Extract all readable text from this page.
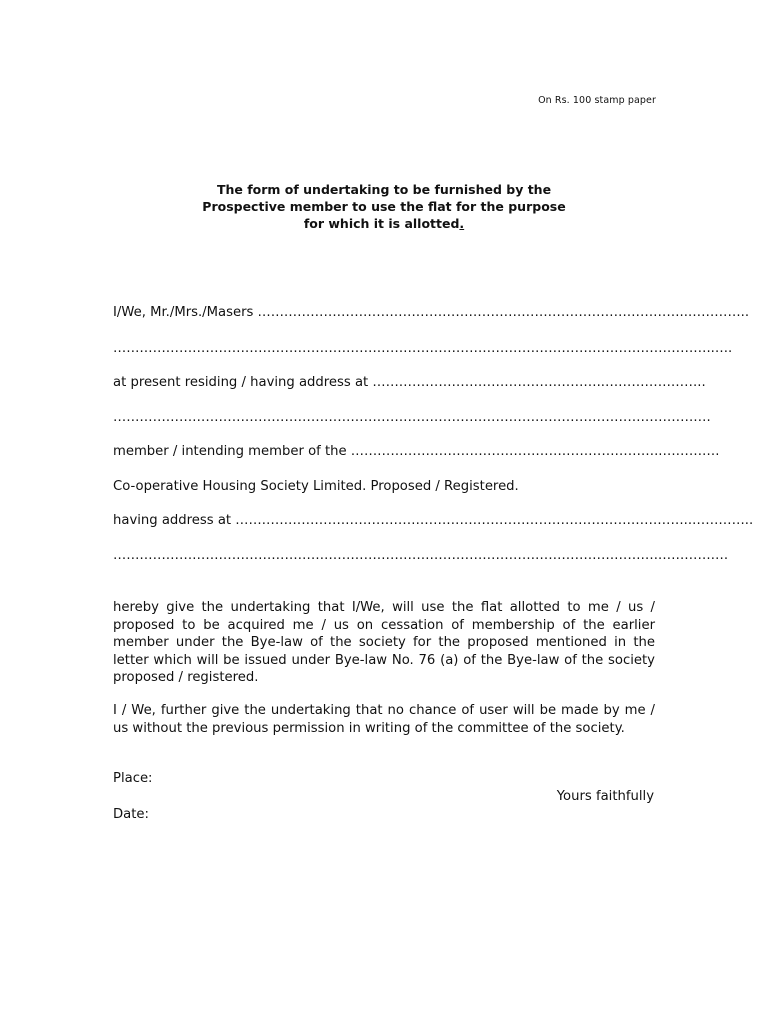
On Rs. 100 stamp paper
The form of undertaking to be furnished by the
Prospective member to use the flat for the purpose
for which it is allotted.
I/We, Mr./Mrs./Masers ……………………………………………………………………………………..…………..
………………………………………………………………………………………………………………………..….
at present residing / having address at ……………………………………………..…………………..
……………………………………………………………………………………………………………………….
member / intending member of the ……………………………………………………………..………….
Co-operative Housing Society Limited. Proposed / Registered.
having address at …………………………………………………………………………………………..…………..
…………………………………………………………………………………………………………….…………….
hereby give the undertaking that I/We, will use the flat allotted to me / us / proposed to be acquired me / us on cessation of membership of the earlier member under the Bye-law of the society for the proposed mentioned in the letter which will be issued under Bye-law No. 76 (a) of the Bye-law of the society proposed / registered.
I / We, further give the undertaking that no chance of user will be made by me / us without the previous permission in writing of the committee of the society.
Place:
Yours faithfully
Date:
